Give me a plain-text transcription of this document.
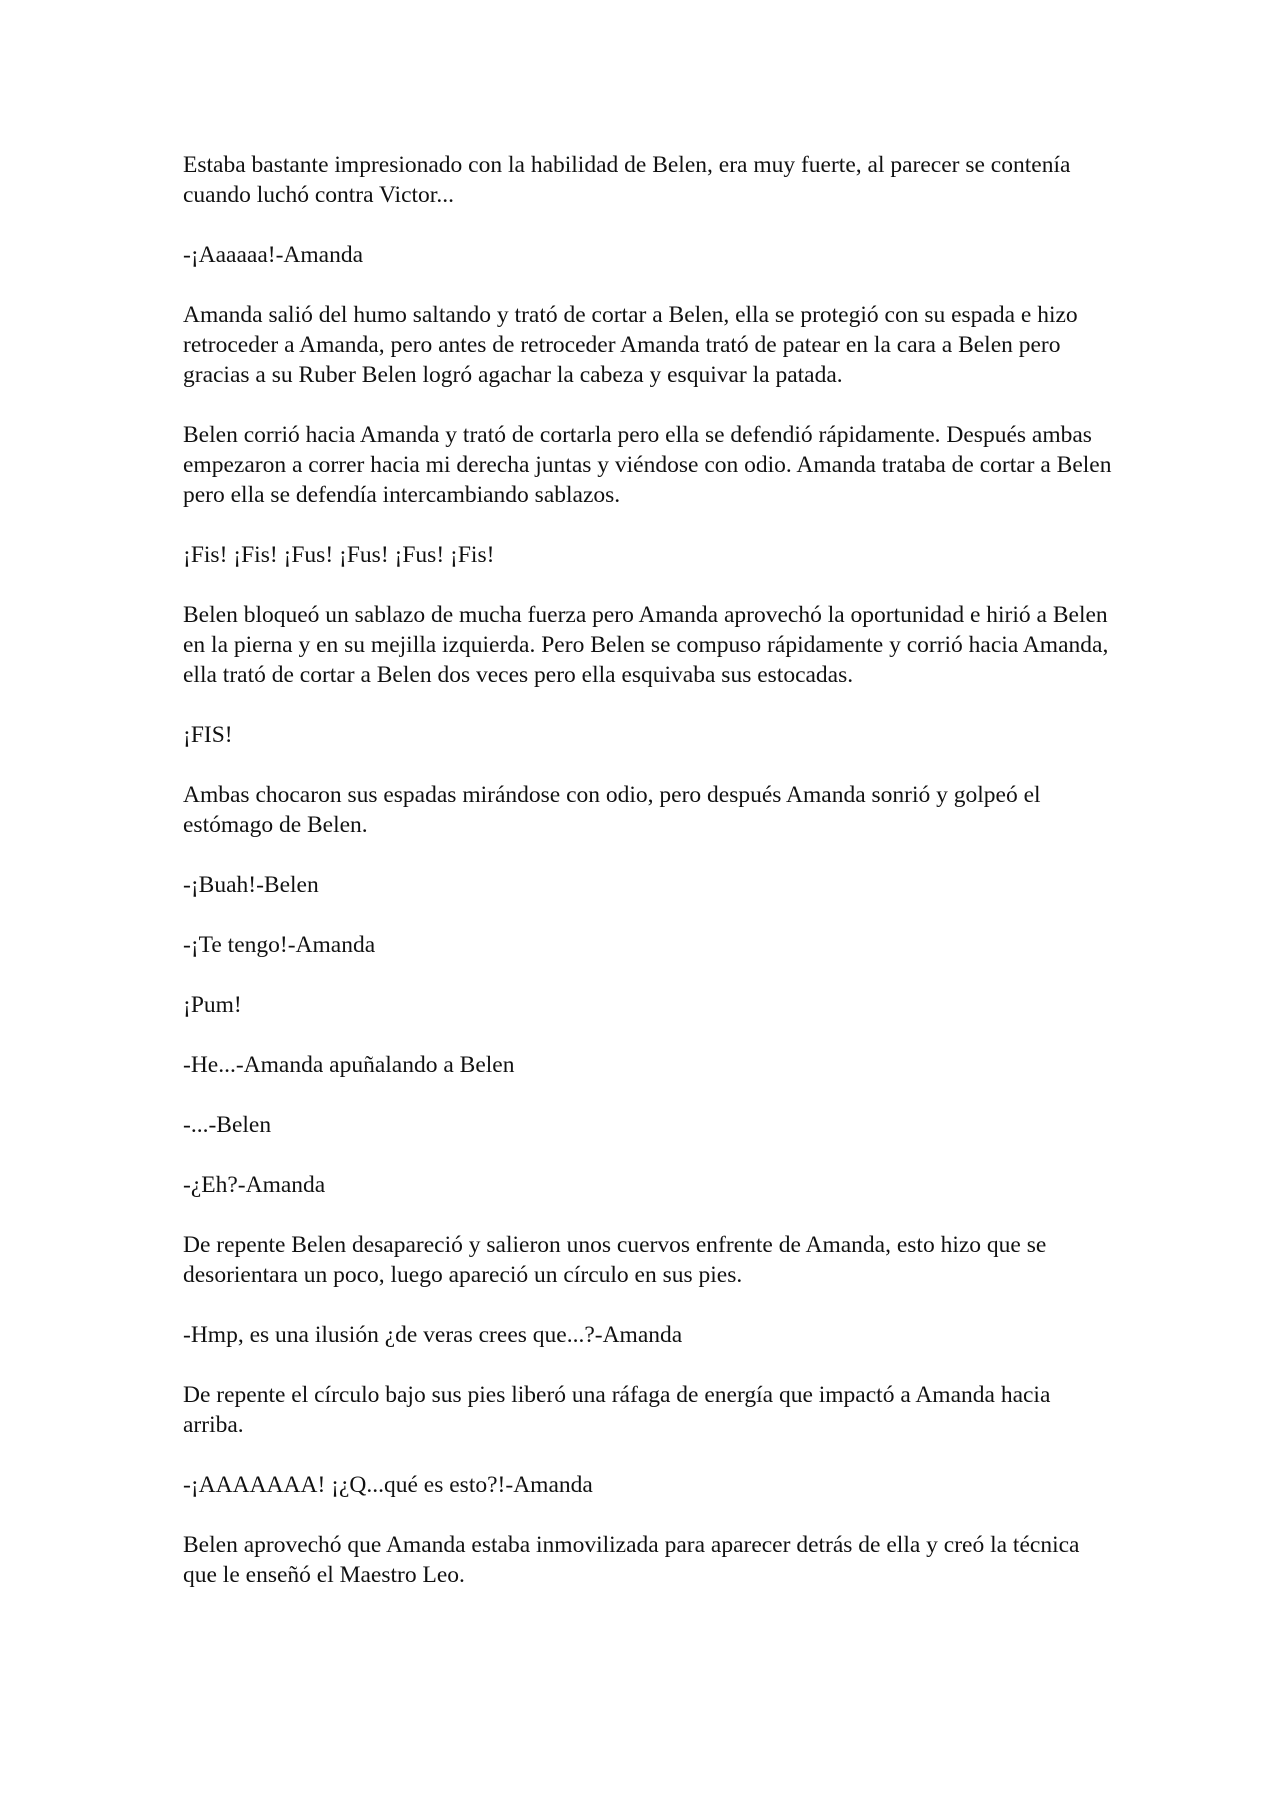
Estaba bastante impresionado con la habilidad de Belen, era muy fuerte, al parecer se contenía cuando luchó contra Victor...

-¡Aaaaaa!-Amanda

Amanda salió del humo saltando y trató de cortar a Belen, ella se protegió con su espada e hizo retroceder a Amanda, pero antes de retroceder Amanda trató de patear en la cara a Belen pero gracias a su Ruber Belen logró agachar la cabeza y esquivar la patada.

Belen corrió hacia Amanda y trató de cortarla pero ella se defendió rápidamente. Después ambas empezaron a correr hacia mi derecha juntas y viéndose con odio. Amanda trataba de cortar a Belen pero ella se defendía intercambiando sablazos.

¡Fis! ¡Fis! ¡Fus! ¡Fus! ¡Fus! ¡Fis!

Belen bloqueó un sablazo de mucha fuerza pero Amanda aprovechó la oportunidad e hirió a Belen en la pierna y en su mejilla izquierda. Pero Belen se compuso rápidamente y corrió hacia Amanda, ella trató de cortar a Belen dos veces pero ella esquivaba sus estocadas.

¡FIS!

Ambas chocaron sus espadas mirándose con odio, pero después Amanda sonrió y golpeó el estómago de Belen.

-¡Buah!-Belen

-¡Te tengo!-Amanda

¡Pum!

-He...-Amanda apuñalando a Belen

-...-Belen

-¿Eh?-Amanda

De repente Belen desapareció y salieron unos cuervos enfrente de Amanda, esto hizo que se desorientara un poco, luego apareció un círculo en sus pies.

-Hmp, es una ilusión ¿de veras crees que...?-Amanda

De repente el círculo bajo sus pies liberó una ráfaga de energía que impactó a Amanda hacia arriba.

-¡AAAAAAA! ¡¿Q...qué es esto?!-Amanda

Belen aprovechó que Amanda estaba inmovilizada para aparecer detrás de ella y creó la técnica que le enseñó el Maestro Leo.
